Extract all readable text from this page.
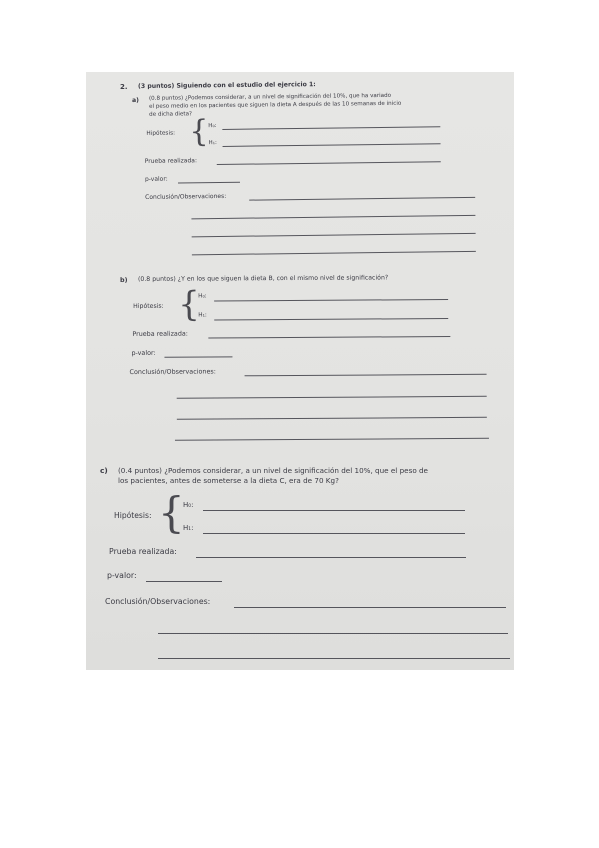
2. (3 puntos) Siguiendo con el estudio del ejercicio 1:
a) (0.8 puntos) ¿Podemos considerar, a un nivel de significación del 10%, que ha variado
el peso medio en los pacientes que siguen la dieta A después de las 10 semanas de inicio
de dicha dieta?
Hipótesis: { H₀:
H₁:
Prueba realizada:
p-valor:
Conclusión/Observaciones:
b) (0.8 puntos) ¿Y en los que siguen la dieta B, con el mismo nivel de significación?
Hipótesis: {
H₀:
H₁:
Prueba realizada:
p-valor:
Conclusión/Observaciones:
c) (0.4 puntos) ¿Podemos considerar, a un nivel de significación del 10%, que el peso de
los pacientes, antes de someterse a la dieta C, era de 70 Kg?
Hipótesis: {
H₀:
H₁:
Prueba realizada:
p-valor:
Conclusión/Observaciones:
